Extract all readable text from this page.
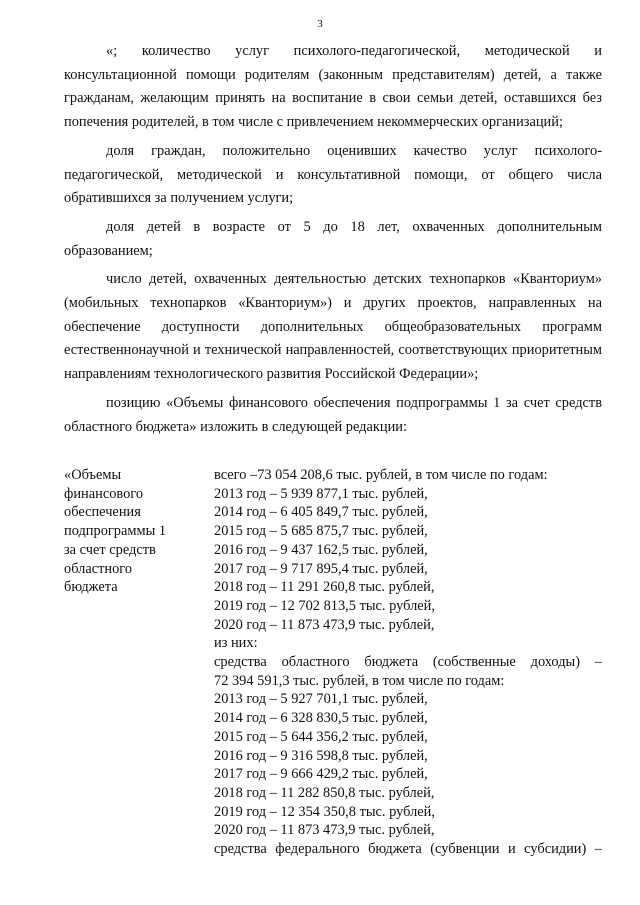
3

«; количество услуг психолого-педагогической, методической и консультационной помощи родителям (законным представителям) детей, а также гражданам, желающим принять на воспитание в свои семьи детей, оставшихся без попечения родителей, в том числе с привлечением некоммерческих организаций;

доля граждан, положительно оценивших качество услуг психолого-педагогической, методической и консультативной помощи, от общего числа обратившихся за получением услуги;

доля детей в возрасте от 5 до 18 лет, охваченных дополнительным образованием;

число детей, охваченных деятельностью детских технопарков «Кванториум» (мобильных технопарков «Кванториум») и других проектов, направленных на обеспечение доступности дополнительных общеобразовательных программ естественнонаучной и технической направленностей, соответствующих приоритетным направлениям технологического развития Российской Федерации»;

позицию «Объемы финансового обеспечения подпрограммы 1 за счет средств областного бюджета» изложить в следующей редакции:

«Объемы
финансового
обеспечения
подпрограммы 1
за счет средств
областного
бюджета
всего –73 054 208,6 тыс. рублей, в том числе по годам:
2013 год – 5 939 877,1 тыс. рублей,
2014 год – 6 405 849,7 тыс. рублей,
2015 год – 5 685 875,7 тыс. рублей,
2016 год – 9 437 162,5 тыс. рублей,
2017 год – 9 717 895,4 тыс. рублей,
2018 год – 11 291 260,8 тыс. рублей,
2019 год – 12 702 813,5 тыс. рублей,
2020 год – 11 873 473,9 тыс. рублей,
из них:
средства областного бюджета (собственные доходы) –
72 394 591,3 тыс. рублей, в том числе по годам:
2013 год – 5 927 701,1 тыс. рублей,
2014 год – 6 328 830,5 тыс. рублей,
2015 год – 5 644 356,2 тыс. рублей,
2016 год – 9 316 598,8 тыс. рублей,
2017 год – 9 666 429,2 тыс. рублей,
2018 год – 11 282 850,8 тыс. рублей,
2019 год – 12 354 350,8 тыс. рублей,
2020 год – 11 873 473,9 тыс. рублей,
средства федерального бюджета (субвенции и субсидии) –
